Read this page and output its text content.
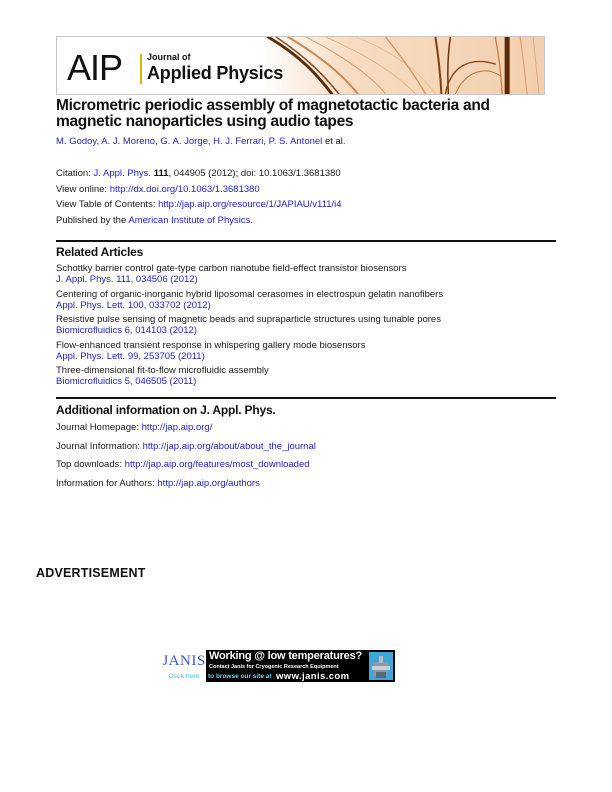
AIP	Journal of
Applied Physics
Micrometric periodic assembly of magnetotactic bacteria and magnetic nanoparticles using audio tapes
M. Godoy, A. J. Moreno, G. A. Jorge, H. J. Ferrari, P. S. Antonel et al.
Citation: J. Appl. Phys. 111, 044905 (2012); doi: 10.1063/1.3681380
View online: http://dx.doi.org/10.1063/1.3681380
View Table of Contents: http://jap.aip.org/resource/1/JAPIAU/v111/i4
Published by the American Institute of Physics.
Related Articles
Schottky barrier control gate-type carbon nanotube field-effect transistor biosensors
J. Appl. Phys. 111, 034506 (2012)
Centering of organic-inorganic hybrid liposomal cerasomes in electrospun gelatin nanofibers
Appl. Phys. Lett. 100, 033702 (2012)
Resistive pulse sensing of magnetic beads and supraparticle structures using tunable pores
Biomicrofluidics 6, 014103 (2012)
Flow-enhanced transient response in whispering gallery mode biosensors
Appl. Phys. Lett. 99, 253705 (2011)
Three-dimensional fit-to-flow microfluidic assembly
Biomicrofluidics 5, 046505 (2011)
Additional information on J. Appl. Phys.
Journal Homepage: http://jap.aip.org/
Journal Information: http://jap.aip.org/about/about_the_journal
Top downloads: http://jap.aip.org/features/most_downloaded
Information for Authors: http://jap.aip.org/authors
ADVERTISEMENT
JANIS
Click here
Working @ low temperatures?
Contact Janis for Cryogenic Research Equipment
to browse our site at www.janis.com
